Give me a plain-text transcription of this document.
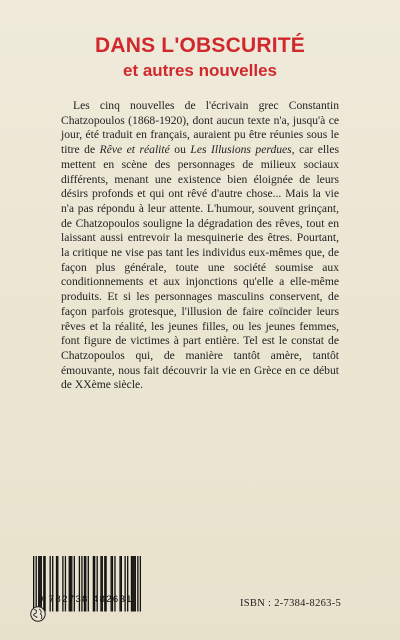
DANS L'OBSCURITÉ
et autres nouvelles
Les cinq nouvelles de l'écrivain grec Constantin Chatzopoulos (1868-1920), dont aucun texte n'a, jusqu'à ce jour, été traduit en français, auraient pu être réunies sous le titre de Rêve et réalité ou Les Illusions perdues, car elles mettent en scène des personnages de milieux sociaux différents, menant une existence bien éloignée de leurs désirs profonds et qui ont rêvé d'autre chose... Mais la vie n'a pas répondu à leur attente. L'humour, souvent grinçant, de Chatzopoulos souligne la dégradation des rêves, tout en laissant aussi entrevoir la mesquinerie des êtres. Pourtant, la critique ne vise pas tant les individus eux-mêmes que, de façon plus générale, toute une société soumise aux conditionnements et aux injonctions qu'elle a elle-même produits. Et si les personnages masculins conservent, de façon parfois grotesque, l'illusion de faire coïncider leurs rêves et la réalité, les jeunes filles, ou les jeunes femmes, font figure de victimes à part entière. Tel est le constat de Chatzopoulos qui, de manière tantôt amère, tantôt émouvante, nous fait découvrir la vie en Grèce en ce début de XXème siècle.
9 782738 482631	ISBN : 2-7384-8263-5
